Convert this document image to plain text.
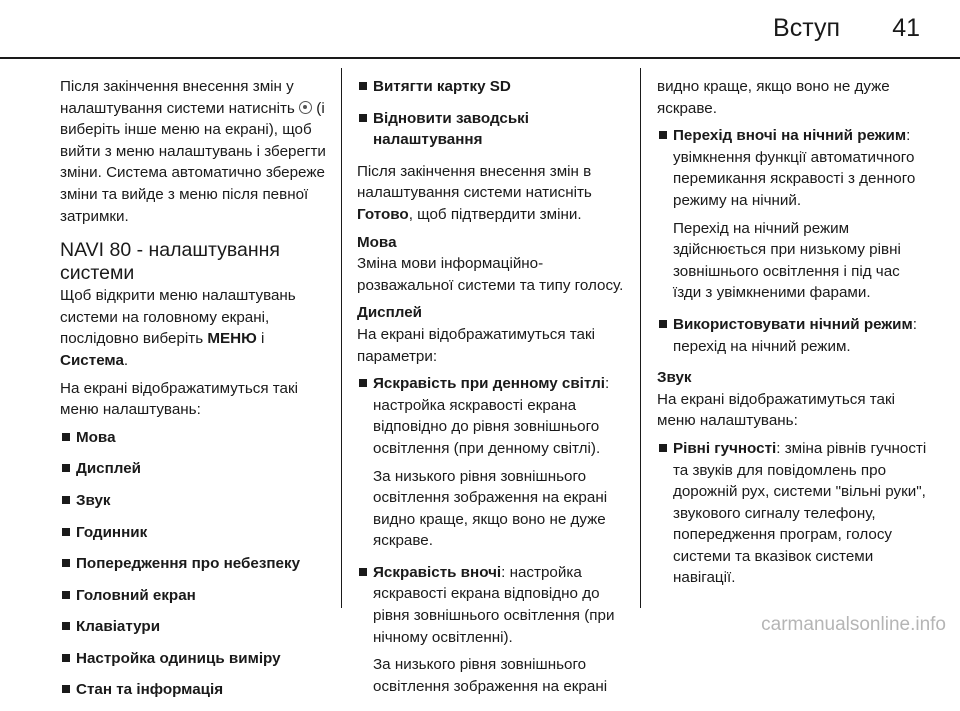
Вступ 41

Після закінчення внесення змін у налаштування системи натисніть (і виберіть інше меню на екрані), щоб вийти з меню налаштувань і зберегти зміни. Система автоматично збереже зміни та вийде з меню після певної затримки.

NAVI 80 - налаштування системи

Щоб відкрити меню налаштувань системи на головному екрані, послідовно виберіть МЕНЮ і Система.

На екрані відображатимуться такі меню налаштувань:

Мова
Дисплей
Звук
Годинник
Попередження про небезпеку
Головний екран
Клавіатури
Настройка одиниць виміру
Стан та інформація
Витягти картку SD
Відновити заводські налаштування

Після закінчення внесення змін в налаштування системи натисніть Готово, щоб підтвердити зміни.

Мова

Зміна мови інформаційно-розважальної системи та типу голосу.

Дисплей

На екрані відображатимуться такі параметри:

Яскравість при денному світлі: настройка яскравості екрана відповідно до рівня зовнішнього освітлення (при денному світлі).
За низького рівня зовнішнього освітлення зображення на екрані видно краще, якщо воно не дуже яскраве.
Яскравість вночі: настройка яскравості екрана відповідно до рівня зовнішнього освітлення (при нічному освітленні).
За низького рівня зовнішнього освітлення зображення на екрані

видно краще, якщо воно не дуже яскраве.

Перехід вночі на нічний режим: увімкнення функції автоматичного перемикання яскравості з денного режиму на нічний.
Перехід на нічний режим здійснюється при низькому рівні зовнішнього освітлення і під час їзди з увімкненими фарами.
Використовувати нічний режим: перехід на нічний режим.
Звук

На екрані відображатимуться такі меню налаштувань:

Рівні гучності: зміна рівнів гучності та звуків для повідомлень про дорожній рух, системи "вільні руки", звукового сигналу телефону, попередження програм, голосу системи та вказівок системи навігації.
carmanualsonline.info
